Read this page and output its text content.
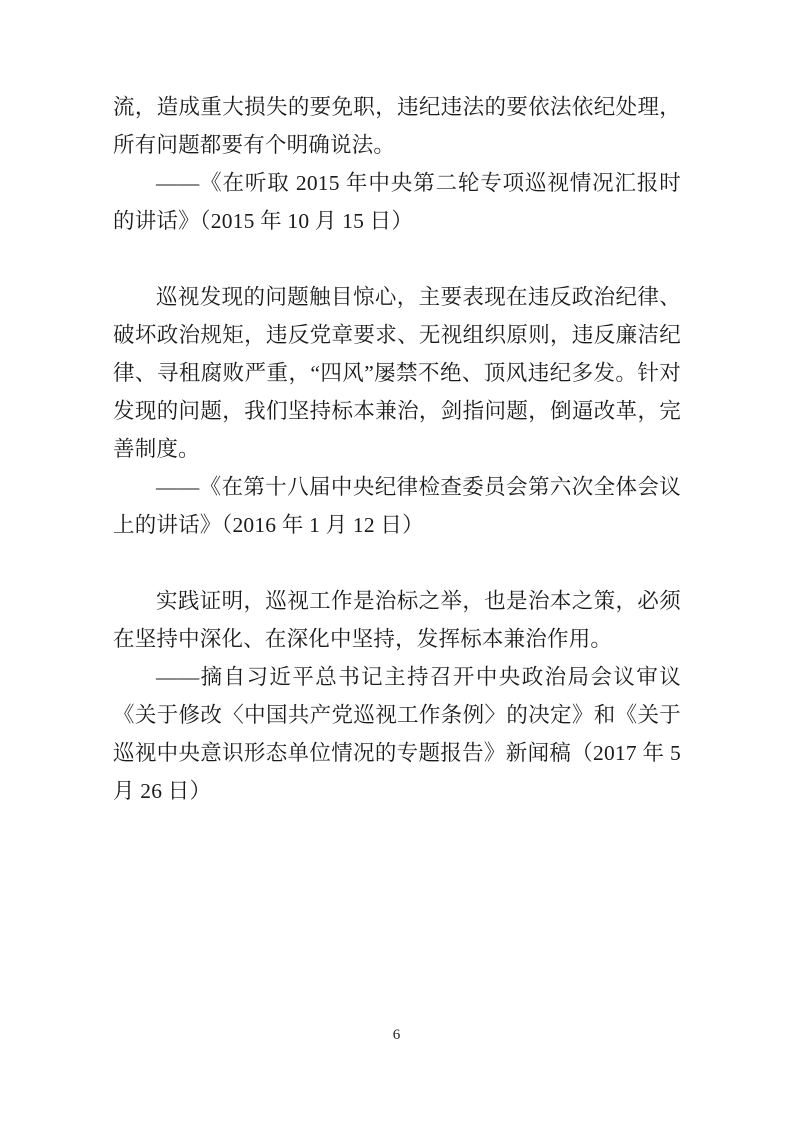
流，造成重大损失的要免职，违纪违法的要依法依纪处理，所有问题都要有个明确说法。

——《在听取 2015 年中央第二轮专项巡视情况汇报时的讲话》（2015 年 10 月 15 日）

巡视发现的问题触目惊心，主要表现在违反政治纪律、破坏政治规矩，违反党章要求、无视组织原则，违反廉洁纪律、寻租腐败严重，“四风”屡禁不绝、顶风违纪多发。针对发现的问题，我们坚持标本兼治，剑指问题，倒逼改革，完善制度。

——《在第十八届中央纪律检查委员会第六次全体会议上的讲话》（2016 年 1 月 12 日）

实践证明，巡视工作是治标之举，也是治本之策，必须在坚持中深化、在深化中坚持，发挥标本兼治作用。

——摘自习近平总书记主持召开中央政治局会议审议《关于修改〈中国共产党巡视工作条例〉的决定》和《关于巡视中央意识形态单位情况的专题报告》新闻稿（2017 年 5 月 26 日）

6
